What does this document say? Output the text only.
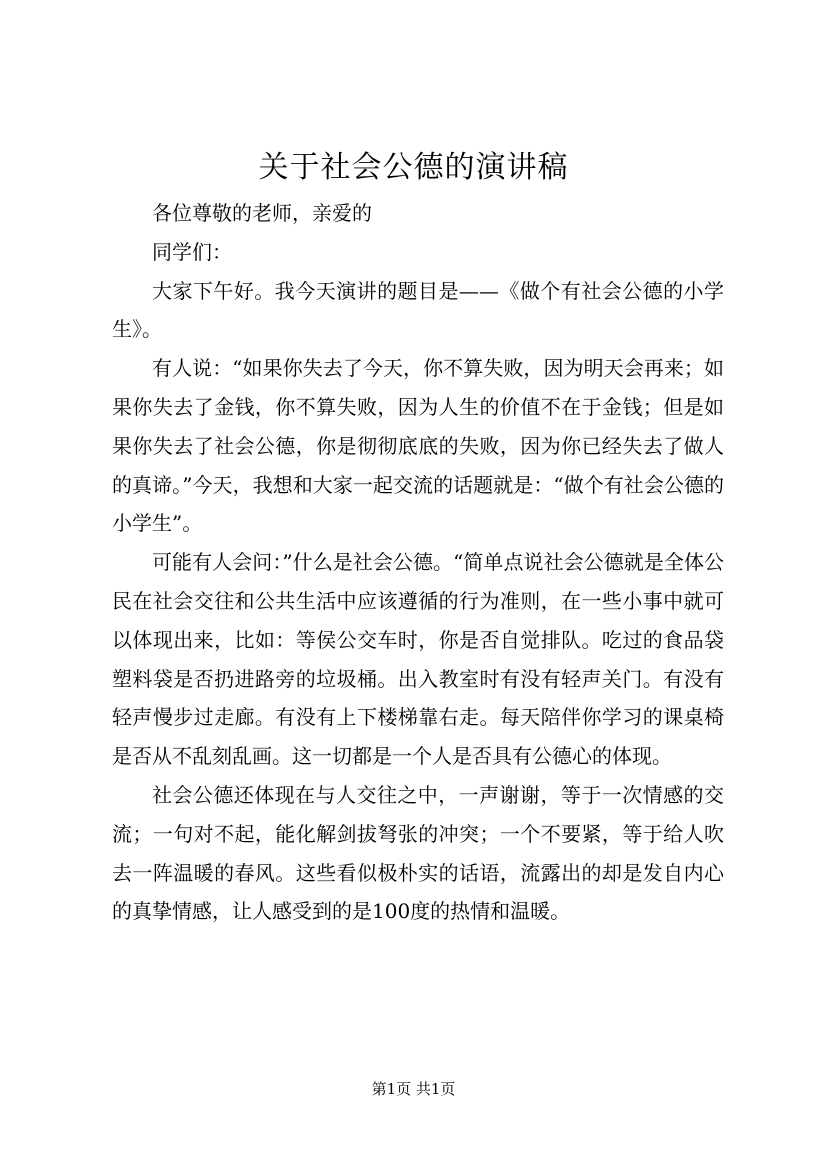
关于社会公德的演讲稿

各位尊敬的老师，亲爱的

同学们：

大家下午好。我今天演讲的题目是——《做个有社会公德的小学生》。

有人说：“如果你失去了今天，你不算失败，因为明天会再来；如果你失去了金钱，你不算失败，因为人生的价值不在于金钱；但是如果你失去了社会公德，你是彻彻底底的失败，因为你已经失去了做人的真谛。”今天，我想和大家一起交流的话题就是：“做个有社会公德的小学生”。

可能有人会问：”什么是社会公德。“简单点说社会公德就是全体公民在社会交往和公共生活中应该遵循的行为准则，在一些小事中就可以体现出来，比如：等侯公交车时，你是否自觉排队。吃过的食品袋塑料袋是否扔进路旁的垃圾桶。出入教室时有没有轻声关门。有没有轻声慢步过走廊。有没有上下楼梯靠右走。每天陪伴你学习的课桌椅是否从不乱刻乱画。这一切都是一个人是否具有公德心的体现。

社会公德还体现在与人交往之中，一声谢谢，等于一次情感的交流；一句对不起，能化解剑拔弩张的冲突；一个不要紧，等于给人吹去一阵温暖的春风。这些看似极朴实的话语，流露出的却是发自内心的真挚情感，让人感受到的是100度的热情和温暖。

第1页 共1页
